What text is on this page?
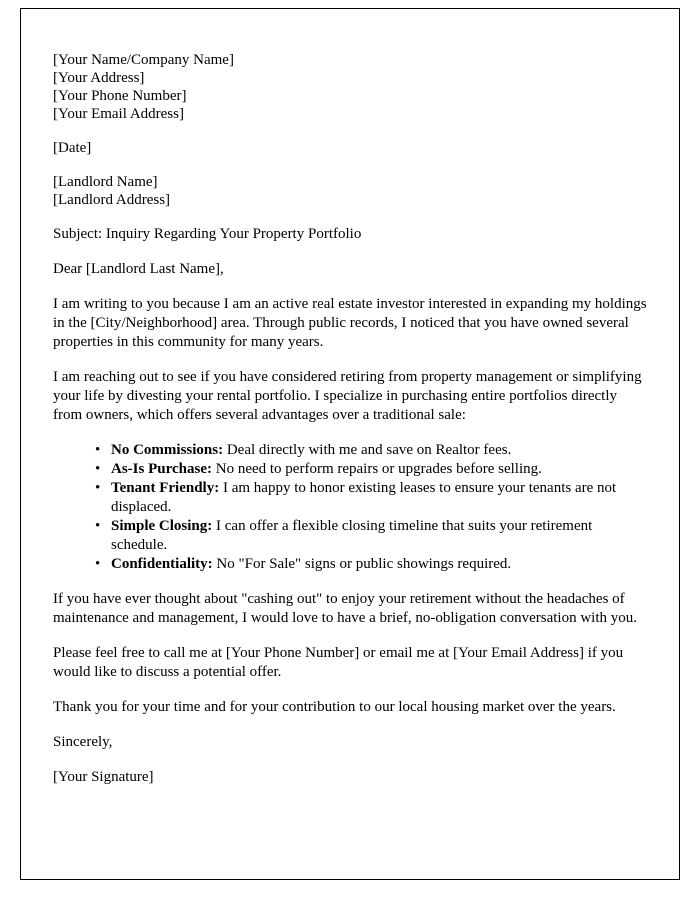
[Your Name/Company Name]
[Your Address]
[Your Phone Number]
[Your Email Address]
[Date]
[Landlord Name]
[Landlord Address]

Subject: Inquiry Regarding Your Property Portfolio

Dear [Landlord Last Name],

I am writing to you because I am an active real estate investor interested in expanding my holdings in the [City/Neighborhood] area. Through public records, I noticed that you have owned several properties in this community for many years.

I am reaching out to see if you have considered retiring from property management or simplifying your life by divesting your rental portfolio. I specialize in purchasing entire portfolios directly from owners, which offers several advantages over a traditional sale:

• No Commissions: Deal directly with me and save on Realtor fees.
• As-Is Purchase: No need to perform repairs or upgrades before selling.
• Tenant Friendly: I am happy to honor existing leases to ensure your tenants are not displaced.
• Simple Closing: I can offer a flexible closing timeline that suits your retirement schedule.
• Confidentiality: No "For Sale" signs or public showings required.

If you have ever thought about "cashing out" to enjoy your retirement without the headaches of maintenance and management, I would love to have a brief, no-obligation conversation with you.

Please feel free to call me at [Your Phone Number] or email me at [Your Email Address] if you would like to discuss a potential offer.

Thank you for your time and for your contribution to our local housing market over the years.

Sincerely,

[Your Signature]
